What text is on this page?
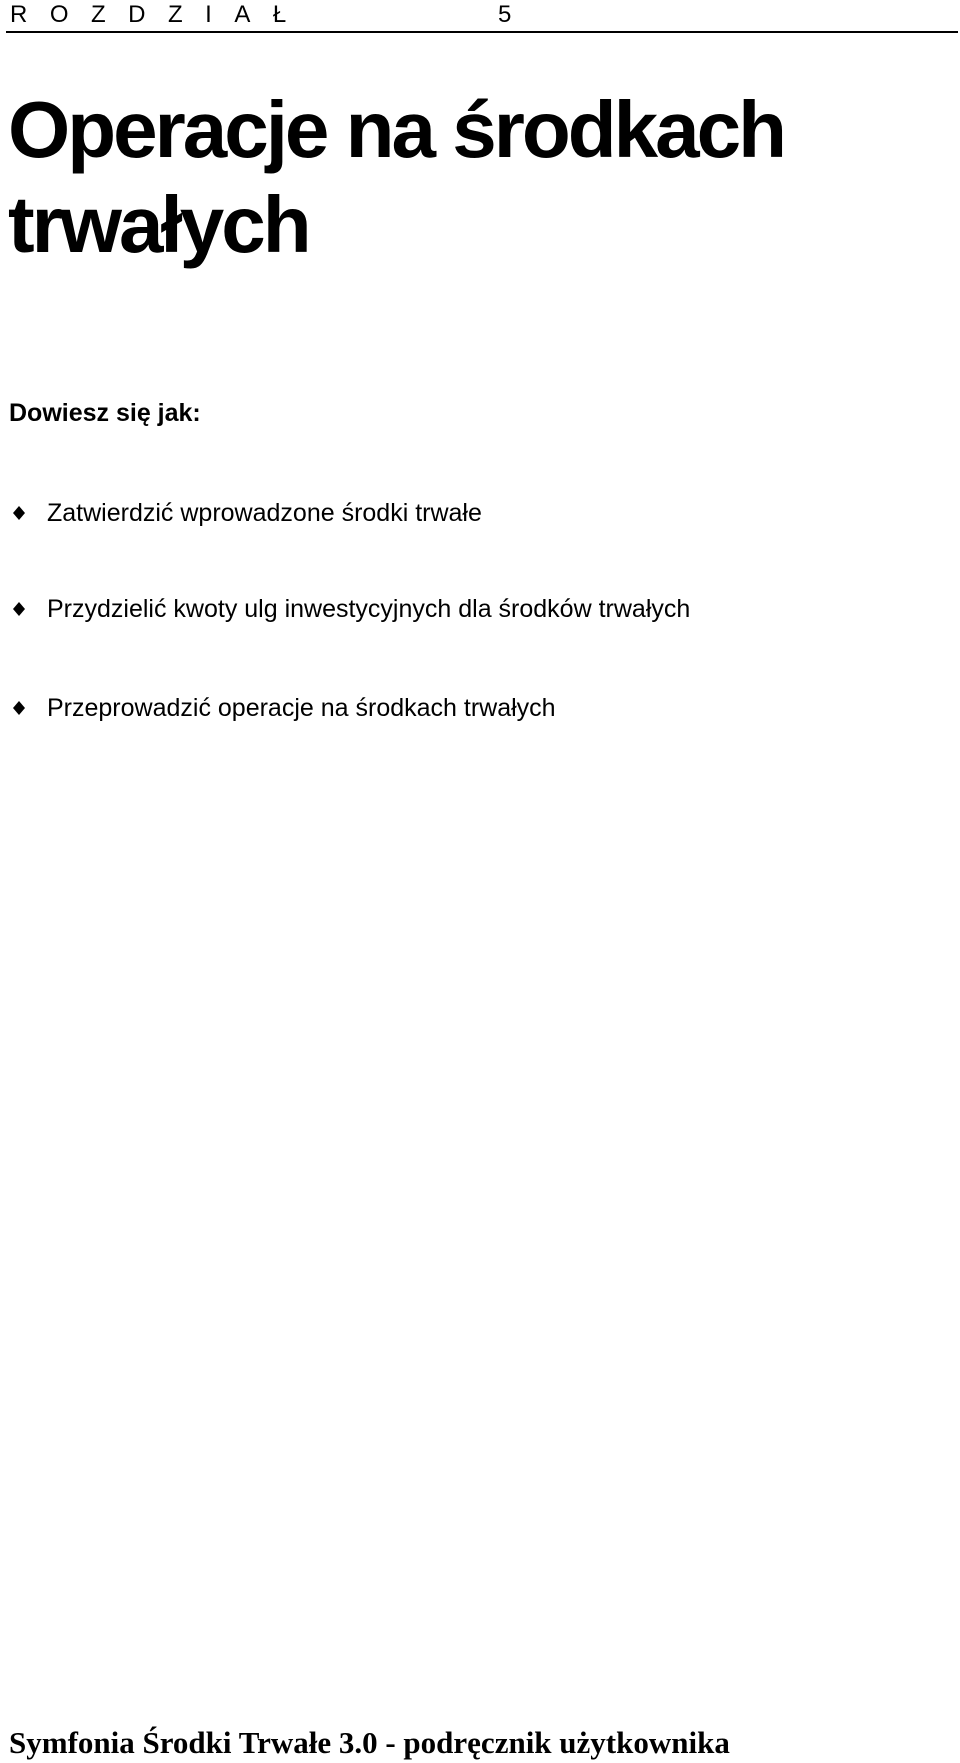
ROZDZIAŁ	5
Operacje na środkach
trwałych
Dowiesz się jak:
Zatwierdzić wprowadzone środki trwałe
Przydzielić kwoty ulg inwestycyjnych dla środków trwałych
Przeprowadzić operacje na środkach trwałych
Symfonia Środki Trwałe 3.0 - podręcznik użytkownika
